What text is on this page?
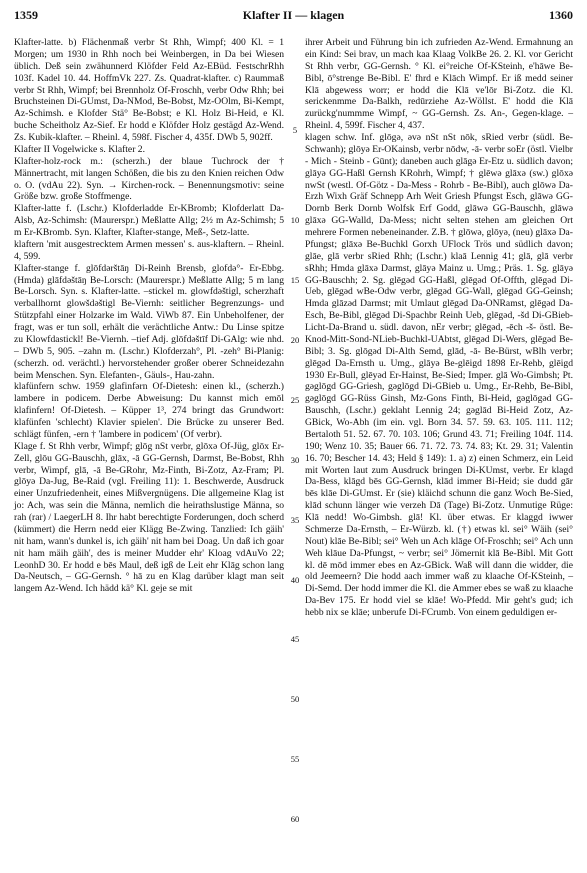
1359	Klafter II — klagen	1360

Klafter-latte. b) Flächenmaß verbr St Rhh, Wimpf; 400 Kl. = 1 Morgen; um 1930 in Rhh noch bei Weinbergen, in Da bei Wiesen üblich. Deß sein zwähunnerd Klöfder Feld Az-EBüd. FestschrRhh 103f. Kadel 10. 44. HoffmVk 227. Zs. Quadrat-klafter. c) Raummaß verbr St Rhh, Wimpf; bei Brennholz Of-Froschh, verbr Odw Rhh; bei Bruchsteinen Di-GUmst, Da-NMod, Be-Bobst, Mz-OOlm, Bi-Kempt, Az-Schimsh. e Klofder Stä° Be-Bobst; e Kl. Holz Bi-Heid, e Kl. buche Scheitholz Az-Sief. Er hodd e Klöfder Holz gestägd Az-Wend. Zs. Kubik-klafter. – Rheinl. 4, 598f. Fischer 4, 435f. DWb 5, 902ff.

Klafter II Vogelwicke s. Klafter 2.

Klafter-holz-rock m.: (scherzh.) der blaue Tuchrock der † Männertracht, mit langen Schößen, die bis zu den Knien reichen Odw o. O. (vdAu 22). Syn. → Kirchen-rock. – Benennungsmotiv: seine Größe bzw. große Stoffmenge.

Klafter-latte f. (Lschr.) Klofderladde Er-KBromb; Klofderlatt Da-Alsb, Az-Schimsh: (Maurerspr.) Meßlatte Allg; 2½ m Az-Schimsh; 5 m Er-KBromb. Syn. Klafter, Klafter-stange, Meß-, Setz-latte.

klaftern 'mit ausgestrecktem Armen messen' s. aus-klaftern. – Rheinl. 4, 599.

Klafter-stange f. glōfdərštāŋ Di-Reinh Brensb, glofdə°- Er-Ebbg. (Hmda) glāfdəštāŋ Be-Lorsch: (Maurerspr.) Meßlatte Allg; 5 m lang Be-Lorsch. Syn. s. Klafter-latte. –stickel m. glowfdəštigl, scherzhaft verballhornt glowšdəštigl Be-Viernh: seitlicher Begrenzungs- und Stützpfahl einer Holzarke im Wald. ViWb 87. Ein Unbeholfener, der fragt, was er tun soll, erhält die verächtliche Antw.: Du Linse spitze zu Klowfdastickl! Be-Viernh. –tief Adj. glōfdəštīf Di-GAlg: wie nhd. – DWb 5, 905. –zahn m. (Lschr.) Klofderzah°, Pl. -zeh° Bi-Planig: (scherzh. od. verächtl.) hervorstehender großer oberer Schneidezahn beim Menschen. Syn. Elefanten-, Gäuls-, Hau-zahn.

klafünfern schw. 1959 glafinfərn Of-Dietesh: einen kl., (scherzh.) lambere in podicem. Derbe Abweisung: Du kannst mich emōl klafinfern! Of-Dietesh. – Küpper 1³, 274 bringt das Grundwort: klafünfen 'schlecht) Klavier spielen'. Die Brücke zu unserer Bed. schlägt fünfen, -ern † 'lambere in podicem' (Of verbr).

Klage f. St Rhh verbr, Wimpf; glōg nSt verbr, glōxə Of-Jüg, glōx Er-Zell, glōu GG-Bauschh, glāx, -ā GG-Gernsh, Darmst, Be-Bobst, Rhh verbr, Wimpf, glā, -ā Be-GRohr, Mz-Finth, Bi-Zotz, Az-Fram; Pl. glōyə Da-Jug, Be-Raid (vgl. Freiling 11): 1. Beschwerde, Ausdruck einer Unzufriedenheit, eines Mißvergnügens. Die allgemeine Klag ist jo: Ach, was sein die Männa, nemlich die heirathslustige Männa, so rah (rar) / LaegerLH 8. Ihr habt berechtigte Forderungen, doch scherd (kümmert) die Herrn nedd eier Klägg Be-Zwing. Tanzlied: Ich gäih' nit ham, wann's dunkel is, ich gäih' nit ham bei Doag. Un daß ich goar nit ham mäih gäih', des is meiner Mudder ehr' Kloag vdAuVo 22; LeonhD 30. Er hodd e bēs Maul, deß igß de Leit ehr Klāg schon lang Da-Neutsch, – GG-Gernsh. ° hā zu en Klag darüber klagt man seit langem Az-Wend. Ich hädd kä° Kl. geje se mit

5
10
15
20
25
30
35
40
45
50
55
60

ihrer Arbeit und Führung bin ich zufrieden Az-Wend. Ermahnung an ein Kind: Sei brav, un mach kaa Klaag VolkBe 26. 2. Kl. vor Gericht St Rhh verbr, GG-Gernsh. ° Kl. ei°reiche Of-KSteinh, e'hāwe Be-Bibl, ō°strenge Be-Bibl. E' fhrd e Klāch Wimpf. Er iß medd seiner Klā abgewess worr; er hodd die Klā ve'lōr Bi-Zotz. die Kl. serickenmme Da-Balkh, redūrziehe Az-Wöllst. E' hodd die Klā zurückg'nummme Wimpf, ~ GG-Gernsh. Zs. An-, Gegen-klage. – Rheinl. 4, 599f. Fischer 4, 437.

klagen schw. Inf. glōgə, əvə nSt nSt nōk, sRied verbr (südl. Be-Schwanh); glōyə Er-OKainsb, verbr nōdw, -ā- verbr soEr (östl. Vielbr - Mich - Steinb - Gūnt); daneben auch glāgə Er-Etz u. südlich davon; glāyə GG-Haßl Gernsh KRohrh, Wimpf; † glēwə glāxə (sw.) glōxə nwSt (westl. Of-Götz - Da-Mess - Rohrb - Be-Bibl), auch glōwə Da-Erzh Wixh Gräf Schnepp Arh Weit Griesh Pfungst Esch, glāwə GG-Dornb Berk Dornb Wolfsk Erf Godd, glāwə GG-Bauschh, glāwə glāxə GG-Walld, Da-Mess; nicht selten stehen am gleichen Ort mehrere Formen nebeneinander. Z.B. † glōwə, glōyə, (neu) glāxə Da-Pfungst; glāxə Be-Buchkl Gorxh UFlock Trös und südlich davon; glāe, glā verbr sRied Rhh; (Lschr.) klaā Lennig 41; glā, glā verbr sRhh; Hmda glāxə Darmst, glāyə Mainz u. Umg.; Präs. 1. Sg. glāyə GG-Bauschh; 2. Sg. glēgəd GG-Haßl, glēgəd Of-Offth, glēgəd Di-Ueb, glēgəd wBe-Odw verbr, glēgəd GG-Wall, glēgəd GG-Geinsh; Hmda glāzəd Darmst; mit Umlaut glēgəd Da-ONRamst, glēgəd Da-Esch, Be-Bibl, glēgəd Di-Spachbr Reinh Ueb, glēgəd, -šd Di-GBieb-Licht-Da-Brand u. südl. davon, nEr verbr; glēgəd, -ēch -š- östl. Be-Knod-Mitt-Sond-NLieb-Buchkl-UAbtst, glēgəd Di-Wers, glēgəd Be-Bibl; 3. Sg. glōgəd Di-Alth Semd, glād, -ā- Be-Bürst, wBlh verbr; glēgəd Da-Ernsth u. Umg., glāyə Be-glēigd 1898 Er-Rehb, glēigd 1930 Er-Bull, glēyəd Er-Hainst, Be-Sied; Imper. glā Wo-Gimbsh; Pt. gəglōgd GG-Griesh, gəglōgd Di-GBieb u. Umg., Er-Rehb, Be-Bibl, gəglōgd GG-Rüss Ginsh, Mz-Gons Finth, Bi-Heid, gəglōgəd GG-Bauschh, (Lschr.) geklaht Lennig 24; gəglād Bi-Heid Zotz, Az-GBick, Wo-Abh (im ein. vgl. Born 34. 57. 59. 63. 105. 111. 112; Bertaloth 51. 52. 67. 70. 103. 106; Grund 43. 71; Freiling 104f. 114. 190; Wenz 10. 35; Bauer 66. 71. 72. 73. 74. 83; Kt. 29. 31; Valentin 16. 70; Bescher 14. 43; Held § 149): 1. a) z) einen Schmerz, ein Leid mit Worten laut zum Ausdruck bringen Di-KUmst, verbr. Er klagd Da-Bess, klāgd bēs GG-Gernsh, klād immer Bi-Heid; sie dudd gār bēs klāe Di-GUmst. Er (sie) kläichd schunn die ganz Woch Be-Sied, klād schunn länger wie verzeh Dā (Tage) Bi-Zotz. Unmutige Rüge: Klā nedd! Wo-Gimbsh. glā! Kl. über etwas. Er klaggd iwwer Schmerze Da-Ernsth, – Er-Würzb. kl. (†) etwas kl. sei° Wäih (sei° Nout) klāe Be-Bibl; sei° Weh un Ach klāge Of-Froschh; sei° Ach unn Weh klāue Da-Pfungst, ~ verbr; sei° Jömernit klā Be-Bibl. Mit Gott kl. dē mōd immer ebes en Az-GBick. Waß will dann die widder, die old Jeemeern? Die hodd aach immer waß zu klaache Of-KSteinh, – Di-Semd. Der hodd immer die Kl. die Ammer ebes se waß zu klaache Da-Bev 175. Er hodd viel se klāe! Wo-Pfedd. Mir geht's gud; ich hebb nix se klāe; unberufe Di-FCrumb. Von einem geduldigen er-
